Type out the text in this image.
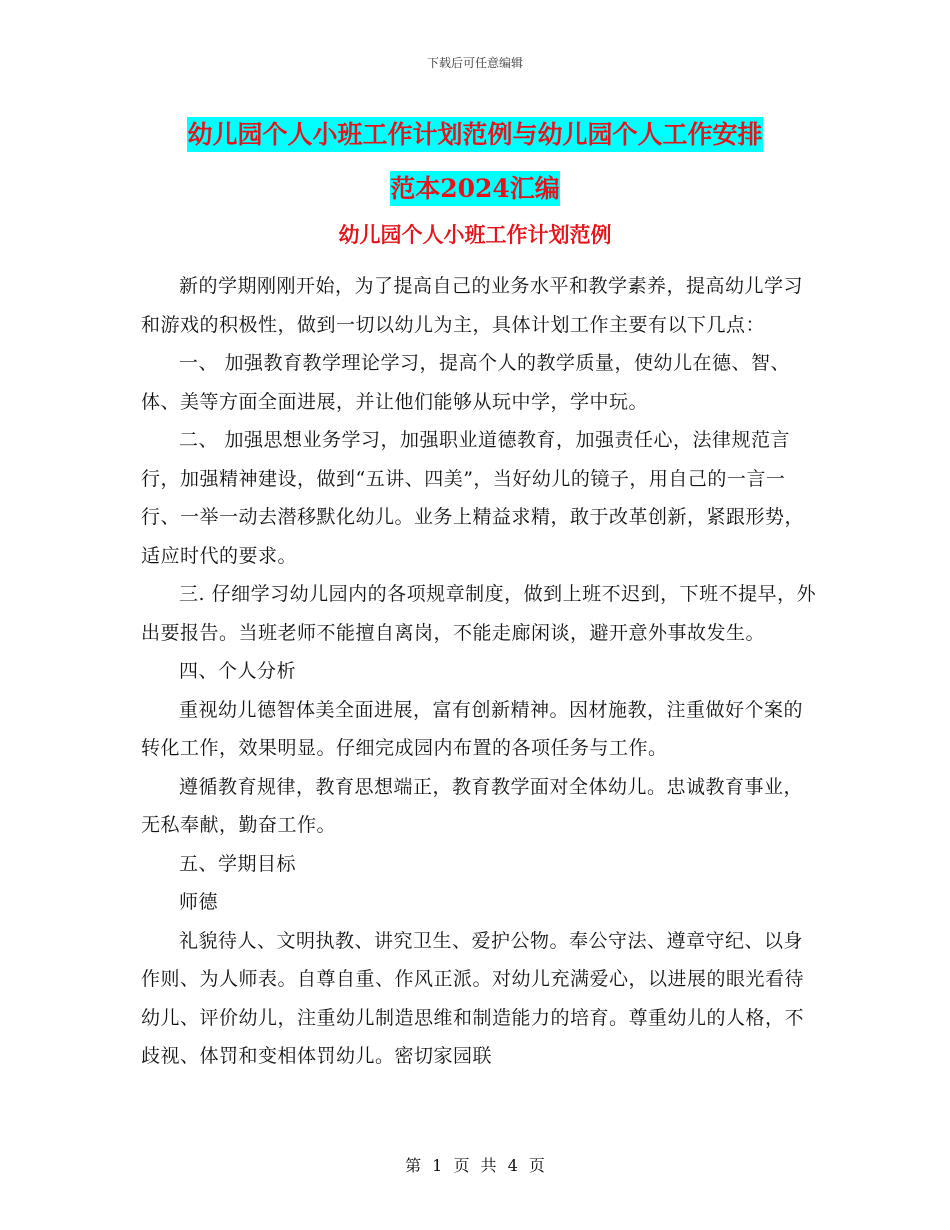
下载后可任意编辑
幼儿园个人小班工作计划范例与幼儿园个人工作安排
范本2024汇编
幼儿园个人小班工作计划范例

新的学期刚刚开始，为了提高自己的业务水平和教学素养，提高幼儿学习和游戏的积极性，做到一切以幼儿为主，具体计划工作主要有以下几点：

一、 加强教育教学理论学习，提高个人的教学质量，使幼儿在德、智、体、美等方面全面进展，并让他们能够从玩中学，学中玩。

二、 加强思想业务学习，加强职业道德教育，加强责任心，法律规范言行，加强精神建设，做到“五讲、四美”，当好幼儿的镜子，用自己的一言一行、一举一动去潜移默化幼儿。业务上精益求精，敢于改革创新，紧跟形势，适应时代的要求。

三. 仔细学习幼儿园内的各项规章制度，做到上班不迟到，下班不提早，外出要报告。当班老师不能擅自离岗，不能走廊闲谈，避开意外事故发生。

四、个人分析

重视幼儿德智体美全面进展，富有创新精神。因材施教，注重做好个案的转化工作，效果明显。仔细完成园内布置的各项任务与工作。

遵循教育规律，教育思想端正，教育教学面对全体幼儿。忠诚教育事业，无私奉献，勤奋工作。

五、学期目标

师德

礼貌待人、文明执教、讲究卫生、爱护公物。奉公守法、遵章守纪、以身作则、为人师表。自尊自重、作风正派。对幼儿充满爱心，以进展的眼光看待幼儿、评价幼儿，注重幼儿制造思维和制造能力的培育。尊重幼儿的人格，不歧视、体罚和变相体罚幼儿。密切家园联

第 1 页 共 4 页
